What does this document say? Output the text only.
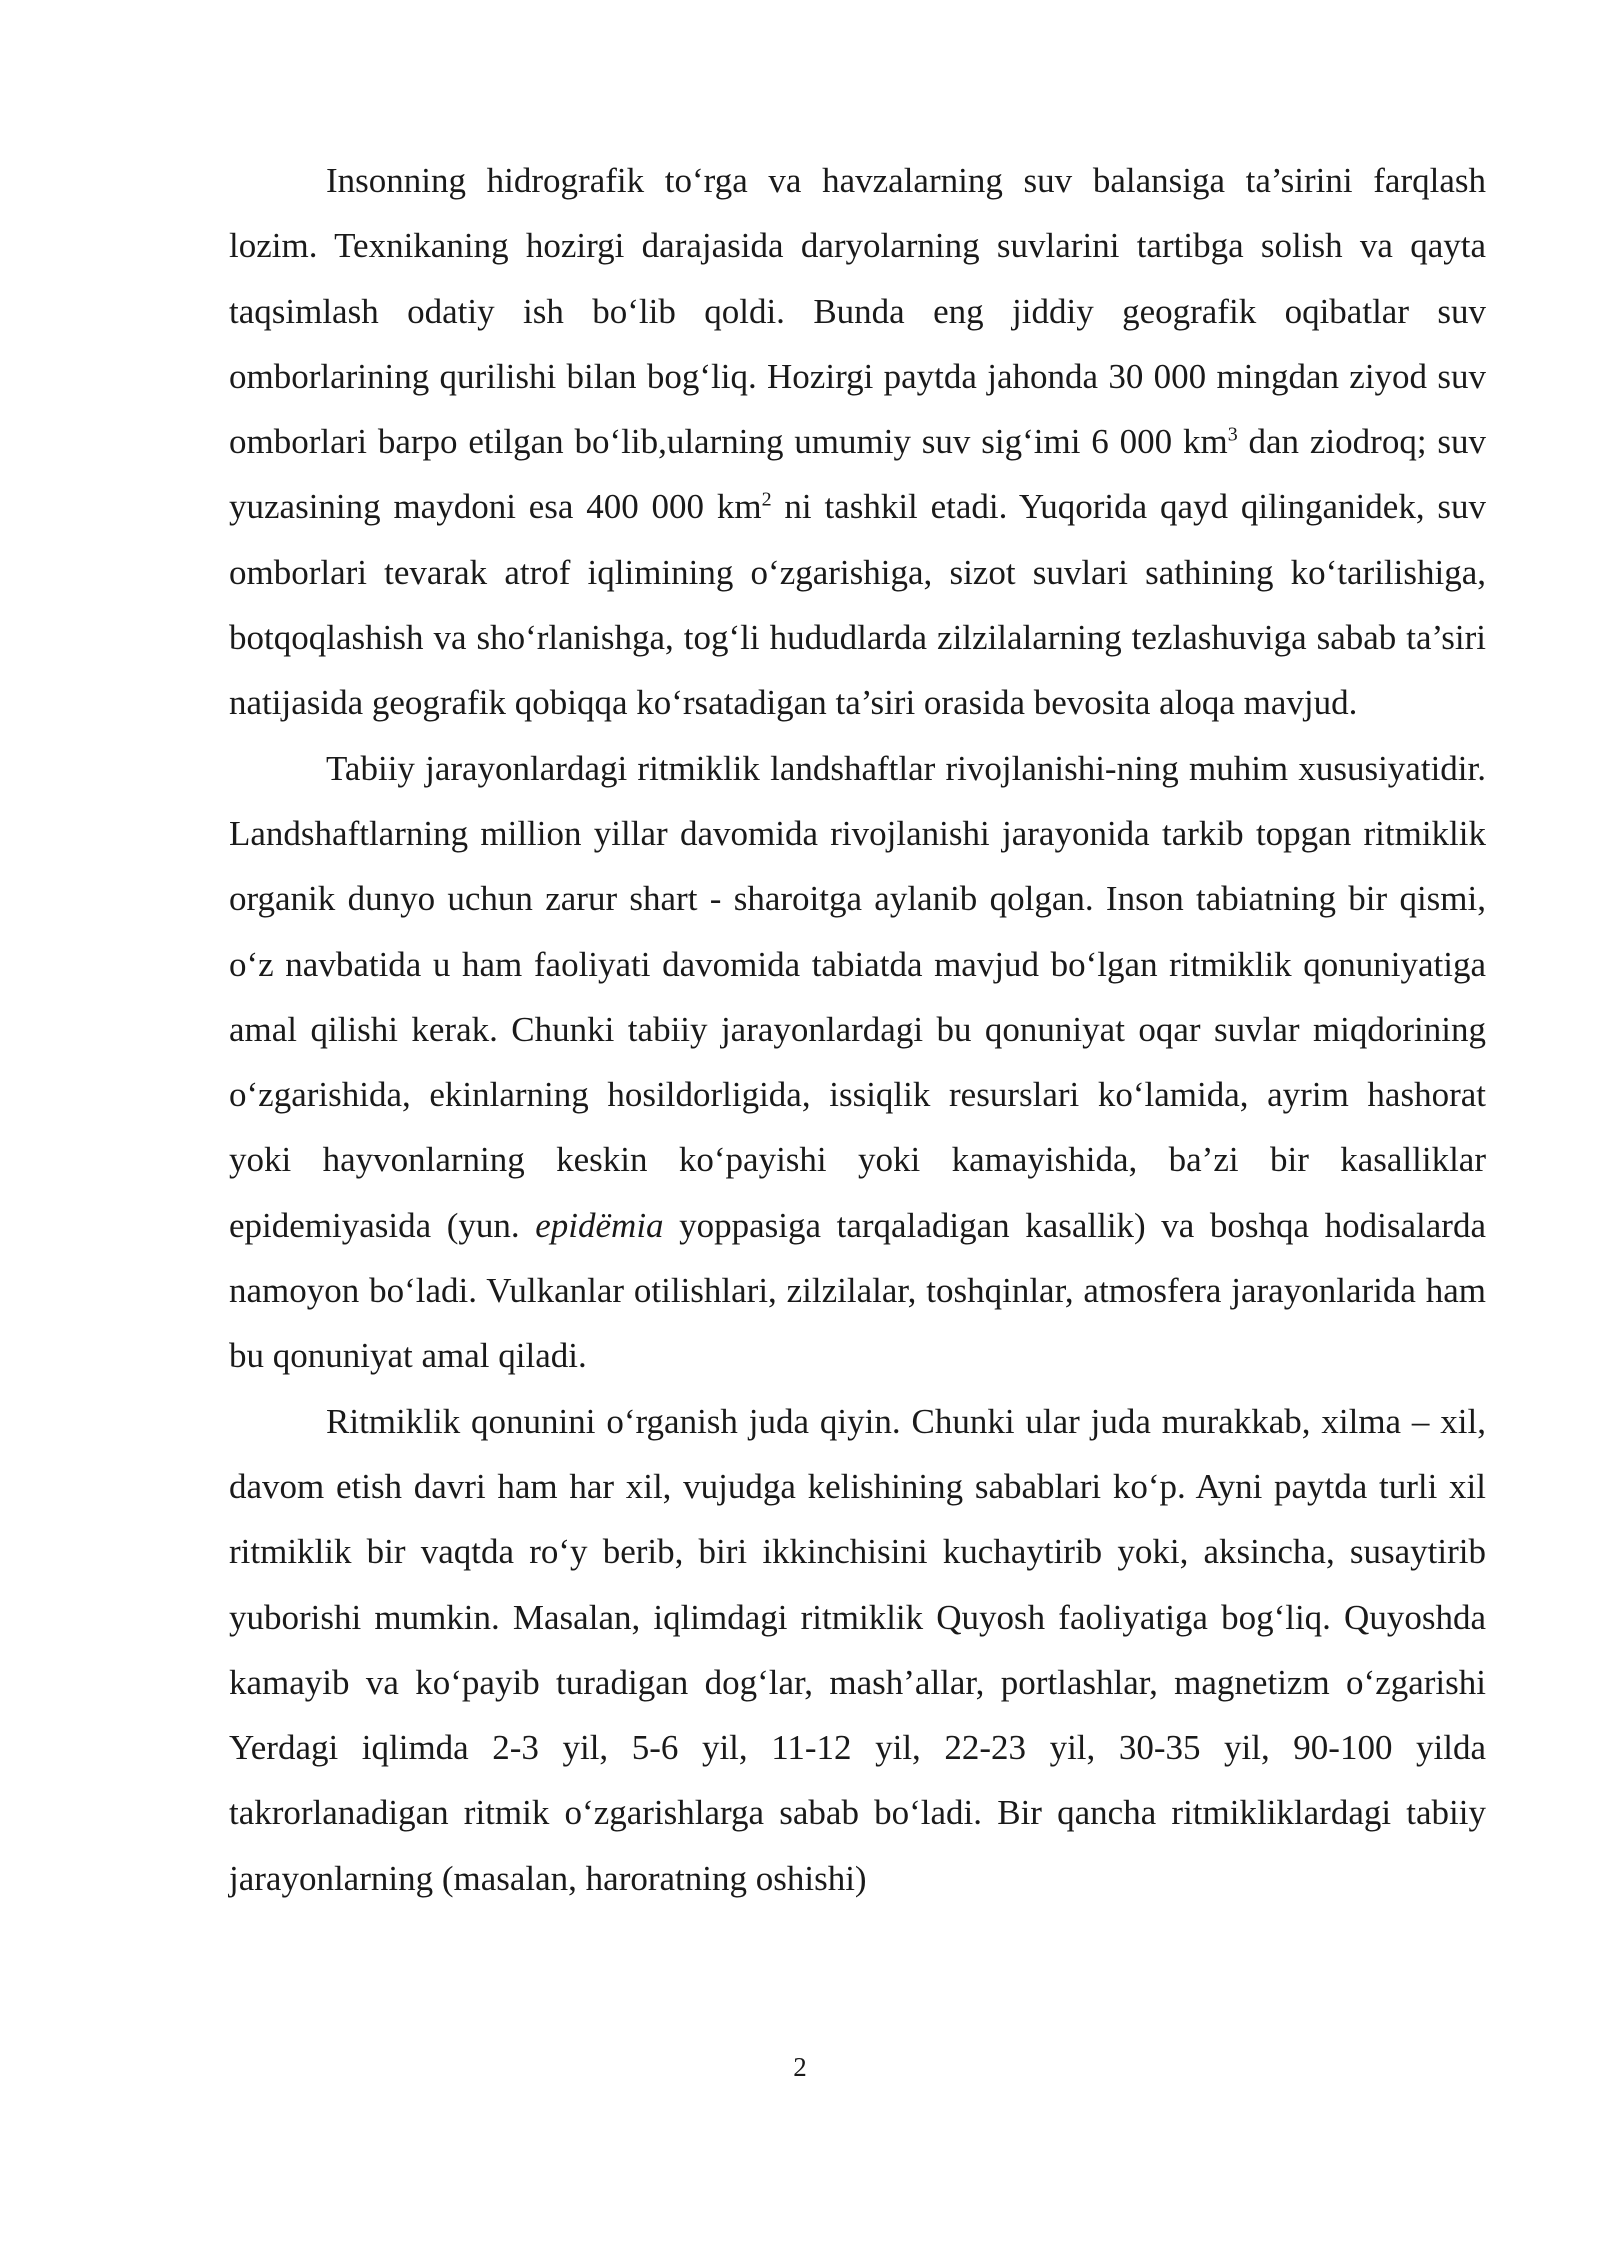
Insonning hidrografik to‘rga va havzalarning suv balansiga ta’sirini farqlash lozim. Texnikaning hozirgi darajasida daryolarning suvlarini tartibga solish va qayta taqsimlash odatiy ish bo‘lib qoldi. Bunda eng jiddiy geografik oqibatlar suv omborlarining qurilishi bilan bog‘liq. Hozirgi paytda jahonda 30 000 mingdan ziyod suv omborlari barpo etilgan bo‘lib,ularning umumiy suv sig‘imi 6 000 $km^3$ dan ziodroq; suv yuzasining maydoni esa 400 000 $km^2$ ni tashkil etadi. Yuqorida qayd qilinganidek, suv omborlari tevarak atrof iqlimining o‘zgarishiga, sizot suvlari sathining ko‘tarilishiga, botqoqlashish va sho‘rlanishga, tog‘li hududlarda zilzilalarning tezlashuviga sabab ta’siri natijasida geografik qobiqqa ko‘rsatadigan ta’siri orasida bevosita aloqa mavjud.

Tabiiy jarayonlardagi ritmiklik landshaftlar rivojlanishi-ning muhim xususiyatidir. Landshaftlarning million yillar davomida rivojlanishi jarayonida tarkib topgan ritmiklik organik dunyo uchun zarur shart - sharoitga aylanib qolgan. Inson tabiatning bir qismi, o‘z navbatida u ham faoliyati davomida tabiatda mavjud bo‘lgan ritmiklik qonuniyatiga amal qilishi kerak. Chunki tabiiy jarayonlardagi bu qonuniyat oqar suvlar miqdorining o‘zgarishida, ekinlarning hosildorligida, issiqlik resurslari ko‘lamida, ayrim hashorat yoki hayvonlarning keskin ko‘payishi yoki kamayishida, ba’zi bir kasalliklar epidemiyasida (yun. epidёmia yoppasiga tarqaladigan kasallik) va boshqa hodisalarda namoyon bo‘ladi. Vulkanlar otilishlari, zilzilalar, toshqinlar, atmosfera jarayonlarida ham bu qonuniyat amal qiladi.

Ritmiklik qonunini o‘rganish juda qiyin. Chunki ular juda murakkab, xilma – xil, davom etish davri ham har xil, vujudga kelishining sabablari ko‘p. Ayni paytda turli xil ritmiklik bir vaqtda ro‘y berib, biri ikkinchisini kuchaytirib yoki, aksincha, susaytirib yuborishi mumkin. Masalan, iqlimdagi ritmiklik Quyosh faoliyatiga bog‘liq. Quyoshda kamayib va ko‘payib turadigan dog‘lar, mash’allar, portlashlar, magnetizm o‘zgarishi Yerdagi iqlimda 2-3 yil, 5-6 yil, 11-12 yil, 22-23 yil, 30-35 yil, 90-100 yilda takrorlanadigan ritmik o‘zgarishlarga sabab bo‘ladi. Bir qancha ritmikliklardagi tabiiy jarayonlarning (masalan, haroratning oshishi)

2
